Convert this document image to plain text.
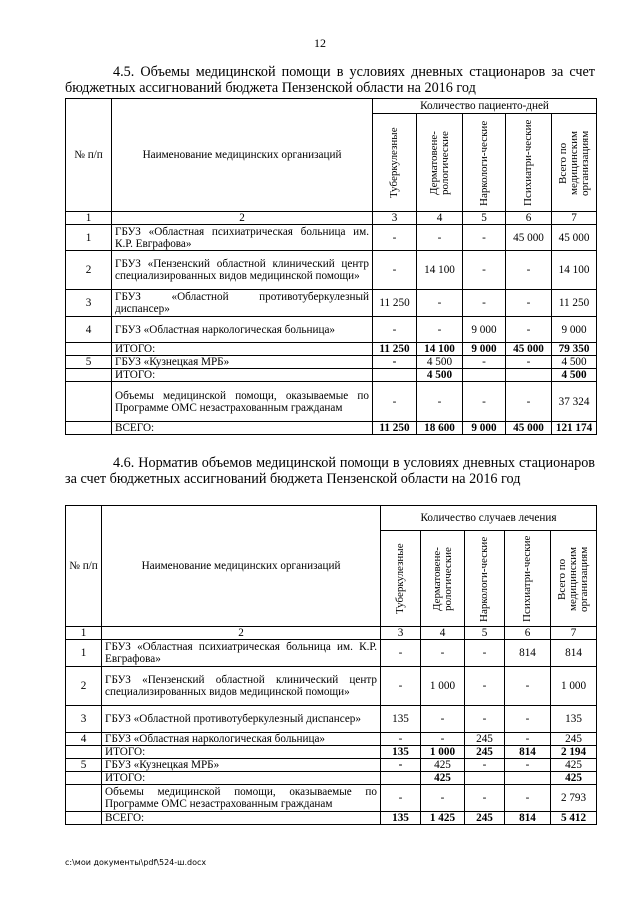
12
4.5. Объемы медицинской помощи в условиях дневных стационаров за счет бюджетных ассигнований бюджета Пензенской области на 2016 год
№ п/п	Наименование медицинских организаций	Количество пациенто-дней				

		Туберкулезные	Дерматовене-рологические	Наркологи-ческие	Психиатри-ческие	Всего по медицинским организациям

1	2	3	4	5	6	7
1	ГБУЗ «Областная психиатрическая больница им. К.Р. Евграфова»	-	-	-	45 000	45 000
2	ГБУЗ «Пензенский областной клинический центр специализированных видов медицинской помощи»	-	14 100	-	-	14 100
3	ГБУЗ «Областной противотуберкулезный диспансер»	11 250	-	-	-	11 250
4	ГБУЗ «Областная наркологическая больница»	-	-	9 000	-	9 000
	ИТОГО:	11 250	14 100	9 000	45 000	79 350
5	ГБУЗ «Кузнецкая МРБ»	-	4 500	-	-	4 500
	ИТОГО:		4 500			4 500
	Объемы медицинской помощи, оказываемые по Программе ОМС незастрахованным гражданам	-	-	-	-	37 324
	ВСЕГО:	11 250	18 600	9 000	45 000	121 174
4.6. Норматив объемов медицинской помощи в условиях дневных стационаров за счет бюджетных ассигнований бюджета Пензенской области на 2016 год
№ п/п	Наименование медицинских организаций	Количество случаев лечения				

		Туберкулезные	Дерматовене-рологические	Наркологи-ческие	Психиатри-ческие	Всего по медицинским организациям

1	2	3	4	5	6	7
1	ГБУЗ «Областная психиатрическая больница им. К.Р. Евграфова»	-	-	-	814	814
2	ГБУЗ «Пензенский областной клинический центр специализированных видов медицинской помощи»	-	1 000	-	-	1 000
3	ГБУЗ «Областной противотуберкулезный диспансер»	135	-	-	-	135
4	ГБУЗ «Областная наркологическая больница»	-	-	245	-	245
	ИТОГО:	135	1 000	245	814	2 194
5	ГБУЗ «Кузнецкая МРБ»	-	425	-	-	425
	ИТОГО:		425			425
	Объемы медицинской помощи, оказываемые по Программе ОМС незастрахованным гражданам	-	-	-	-	2 793
	ВСЕГО:	135	1 425	245	814	5 412
c:\мои документы\pdf\524-ш.docx
